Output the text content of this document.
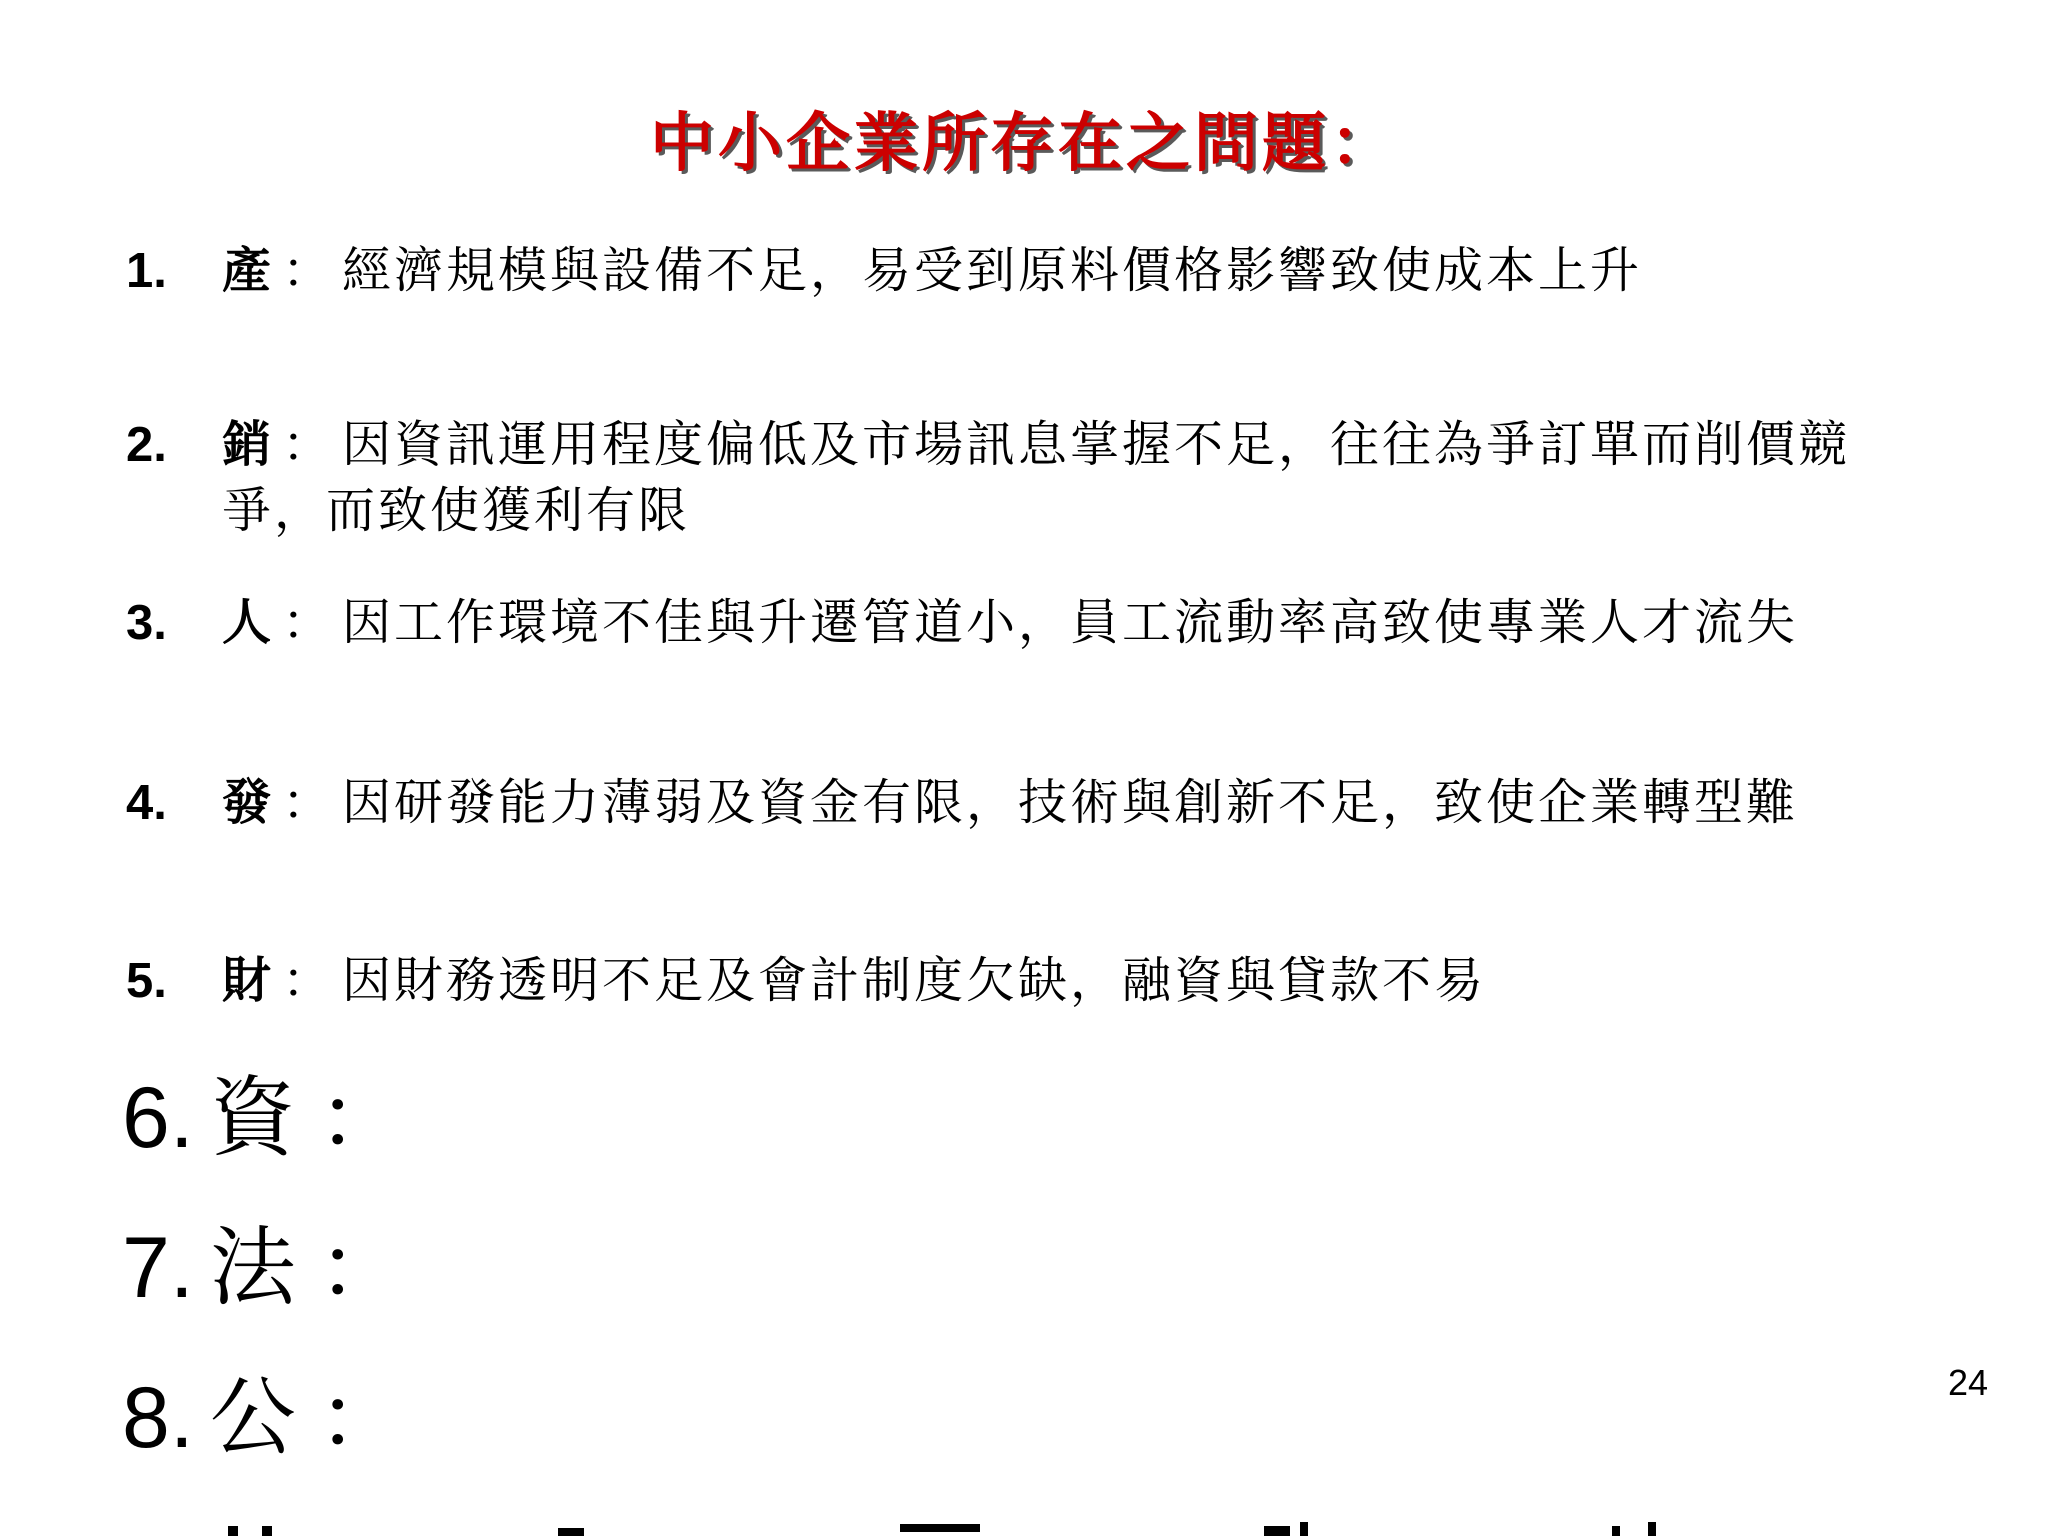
中小企業所存在之問題：
1. 產 ： 經濟規模與設備不足，易受到原料價格影響致使成本上升
2. 銷 ： 因資訊運用程度偏低及市場訊息掌握不足，往往為爭訂單而削價競爭，而致使獲利有限
3. 人 ： 因工作環境不佳與升遷管道小，員工流動率高致使專業人才流失
4. 發 ： 因研發能力薄弱及資金有限，技術與創新不足，致使企業轉型難
5. 財 ： 因財務透明不足及會計制度欠缺，融資與貸款不易
6. 資 ：
7. 法 ：
8. 公 ：	24
